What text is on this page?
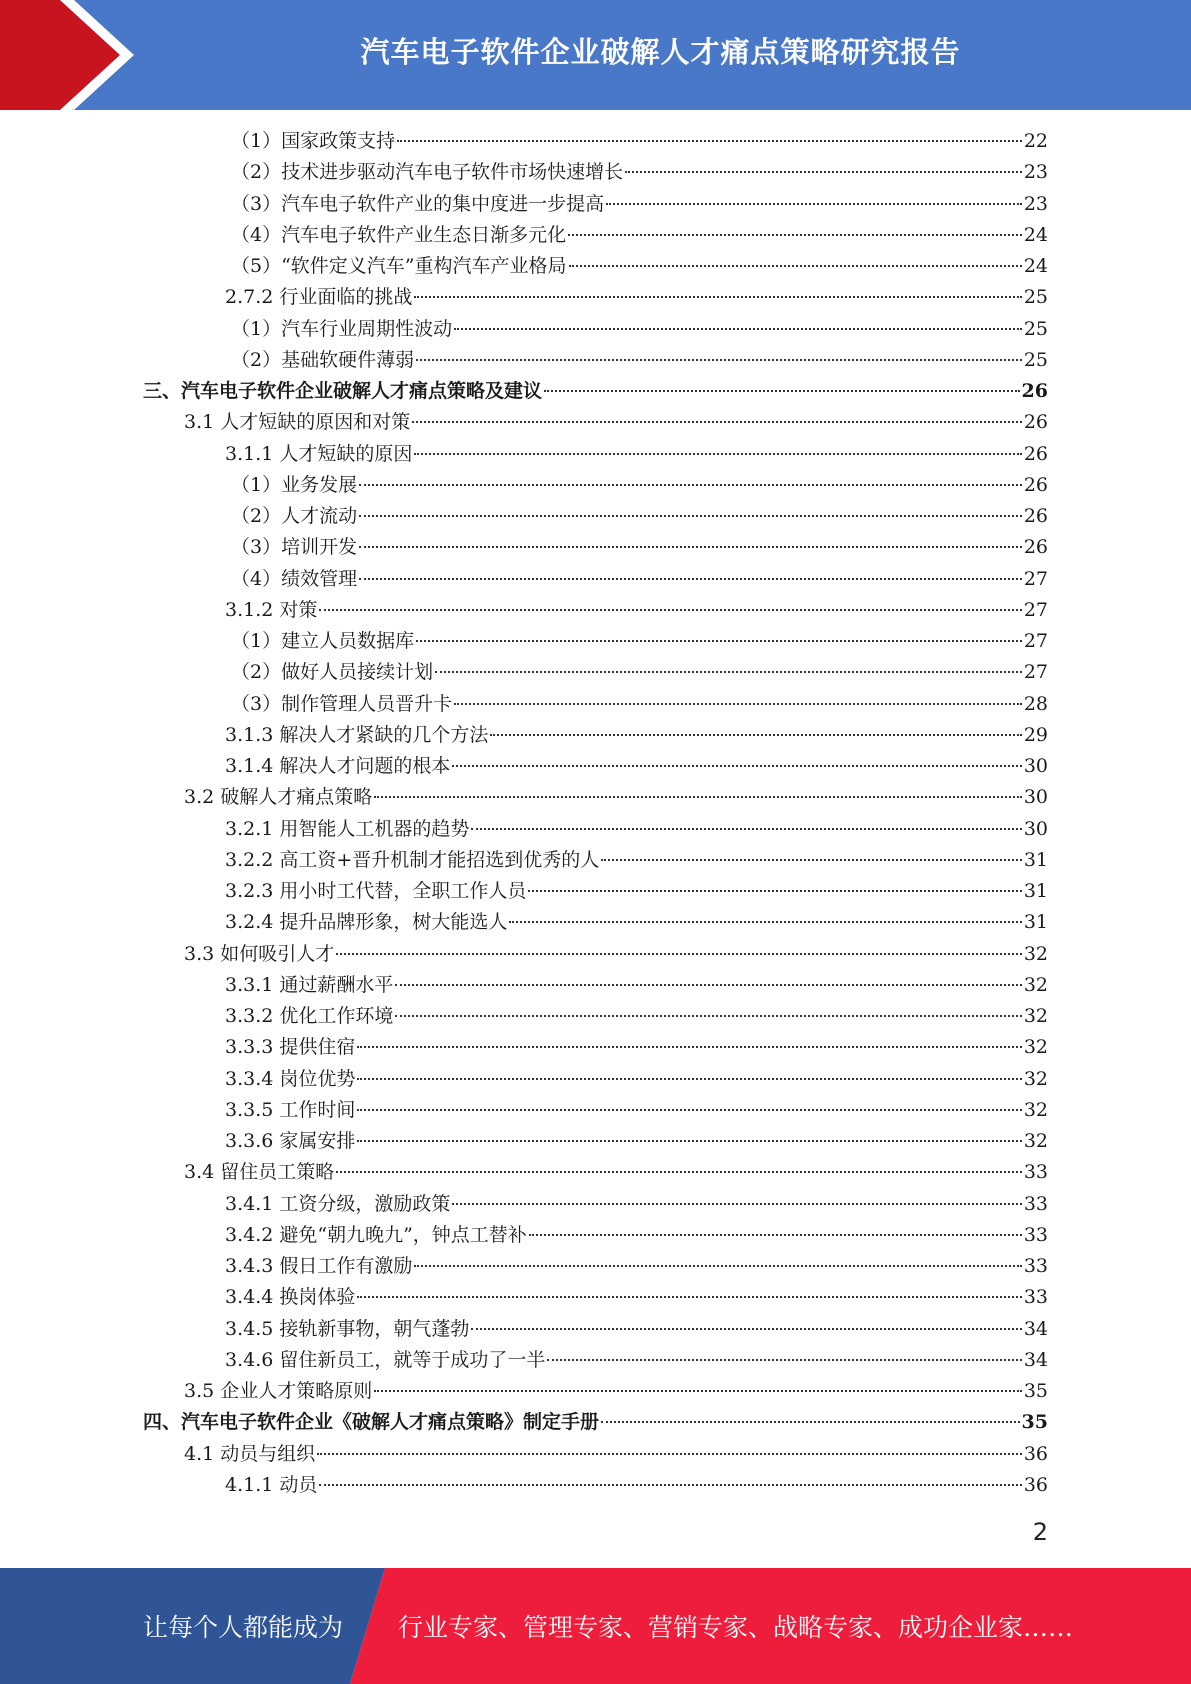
汽车电子软件企业破解人才痛点策略研究报告
（1）国家政策支持	22
（2）技术进步驱动汽车电子软件市场快速增长	23
（3）汽车电子软件产业的集中度进一步提高	23
（4）汽车电子软件产业生态日渐多元化	24
（5）“软件定义汽车”重构汽车产业格局	24
2.7.2 行业面临的挑战	25
（1）汽车行业周期性波动	25
（2）基础软硬件薄弱	25
三、汽车电子软件企业破解人才痛点策略及建议	26
3.1 人才短缺的原因和对策	26
3.1.1 人才短缺的原因	26
（1）业务发展	26
（2）人才流动	26
（3）培训开发	26
（4）绩效管理	27
3.1.2 对策	27
（1）建立人员数据库	27
（2）做好人员接续计划	27
（3）制作管理人员晋升卡	28
3.1.3 解决人才紧缺的几个方法	29
3.1.4 解决人才问题的根本	30
3.2 破解人才痛点策略	30
3.2.1 用智能人工机器的趋势	30
3.2.2 高工资+晋升机制才能招选到优秀的人	31
3.2.3 用小时工代替，全职工作人员	31
3.2.4 提升品牌形象，树大能选人	31
3.3 如何吸引人才	32
3.3.1 通过薪酬水平	32
3.3.2 优化工作环境	32
3.3.3 提供住宿	32
3.3.4 岗位优势	32
3.3.5 工作时间	32
3.3.6 家属安排	32
3.4 留住员工策略	33
3.4.1 工资分级，激励政策	33
3.4.2 避免“朝九晚九”，钟点工替补	33
3.4.3 假日工作有激励	33
3.4.4 换岗体验	33
3.4.5 接轨新事物，朝气蓬勃	34
3.4.6 留住新员工，就等于成功了一半	34
3.5 企业人才策略原则	35
四、汽车电子软件企业《破解人才痛点策略》制定手册	35
4.1 动员与组织	36
4.1.1 动员	36
2
让每个人都能成为 行业专家、管理专家、营销专家、战略专家、成功企业家……
